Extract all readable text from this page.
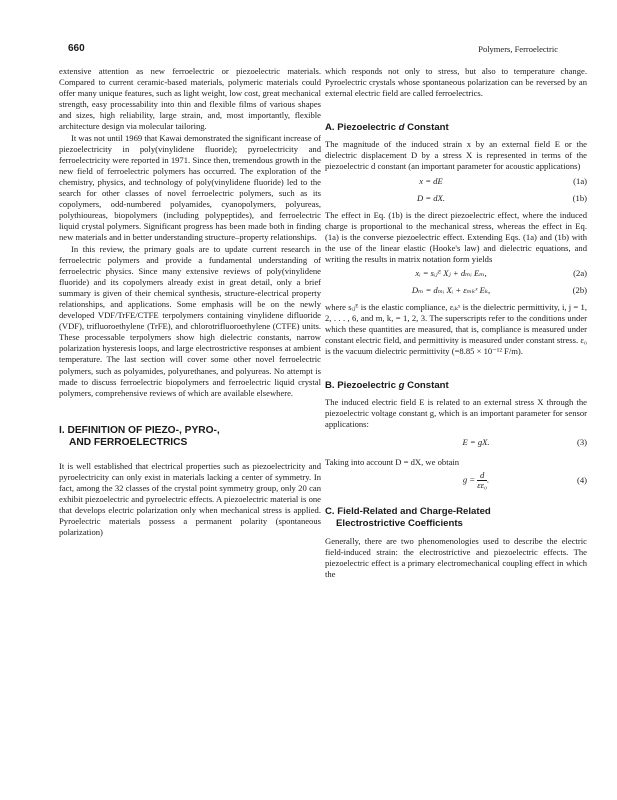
660	Polymers, Ferroelectric

extensive attention as new ferroelectric or piezoelectric materials. Compared to current ceramic-based materials, polymeric materials could offer many unique features, such as light weight, low cost, great mechanical strength, easy processability into thin and flexible films of various shapes and sizes, high reliability, large strain, and, most importantly, flexible architecture design via molecular tailoring.

It was not until 1969 that Kawai demonstrated the significant increase of piezoelectricity in poly(vinylidene fluoride); pyroelectricity and ferroelectricity were reported in 1971. Since then, tremendous growth in the new field of ferroelectric polymers has occurred. The exploration of the chemistry, physics, and technology of poly(vinylidene fluoride) led to the search for other classes of novel ferroelectric polymers, such as its copolymers, odd-numbered polyamides, cyanopolymers, polyureas, polythioureas, biopolymers (including polypeptides), and ferroelectric liquid crystal polymers. Significant progress has been made both in finding new materials and in better understanding structure–property relationships.

In this review, the primary goals are to update current research in ferroelectric polymers and provide a fundamental understanding of ferroelectric physics. Since many extensive reviews of poly(vinylidene fluoride) and its copolymers already exist in great detail, only a brief summary is given of their chemical synthesis, structure-electrical property relationships, and applications. Some emphasis will be on the newly developed VDF/TrFE/CTFE terpolymers containing vinylidene difluoride (VDF), trifluoroethylene (TrFE), and chlorotrifluoroethylene (CTFE) units. These processable terpolymers show high dielectric constants, narrow polarization hysteresis loops, and large electrostrictive responses at ambient temperature. The last section will cover some other novel ferroelectric polymers, such as polyamides, polyurethanes, and polyureas. No attempt is made to discuss ferroelectric biopolymers and ferroelectric liquid crystal polymers, comprehensive reviews of which are available elsewhere.

I. DEFINITION OF PIEZO-, PYRO-,
AND FERROELECTRICS

It is well established that electrical properties such as piezoelectricity and pyroelectricity can only exist in materials lacking a center of symmetry. In fact, among the 32 classes of the crystal point symmetry group, only 20 can exhibit piezoelectric and pyroelectric effects. A piezoelectric material is one that develops electric polarization only when mechanical stress is applied. Pyroelectric materials possess a permanent polarity (spontaneous polarization)

which responds not only to stress, but also to temperature change. Pyroelectric crystals whose spontaneous polarization can be reversed by an external electric field are called ferroelectrics.

A. Piezoelectric d Constant

The magnitude of the induced strain x by an external field E or the dielectric displacement D by a stress X is represented in terms of the piezoelectric d constant (an important parameter for acoustic applications)

x = dE	(1a)
D = dX.	(1b)

The effect in Eq. (1b) is the direct piezoelectric effect, where the induced charge is proportional to the mechanical stress, whereas the effect in Eq. (1a) is the converse piezoelectric effect. Extending Eqs. (1a) and (1b) with the use of the linear elastic (Hooke's law) and dielectric equations, and writing the results in matrix notation form yields

xᵢ = sᵢⱼᴱ Xⱼ + dₘᵢ Eₘ,	(2a)
Dₘ = dₘᵢ Xᵢ + εₘₖˣ Eₖ,	(2b)

where sᵢⱼᴱ is the elastic compliance, εᵢₖˣ is the dielectric permittivity, i, j = 1, 2, . . . , 6, and m, k, = 1, 2, 3. The superscripts refer to the conditions under which these quantities are measured, that is, compliance is measured under constant electric field, and permittivity is measured under constant stress. ε₀ is the vacuum dielectric permittivity (=8.85 × 10⁻¹² F/m).

B. Piezoelectric g Constant

The induced electric field E is related to an external stress X through the piezoelectric voltage constant g, which is an important parameter for sensor applications:

E = gX.	(3)

Taking into account D = dX, we obtain

$g = \frac{d}{\text{εε₀}}$ .	(4)
C. Field-Related and Charge-Related
Electrostrictive Coefficients

Generally, there are two phenomenologies used to describe the electric field-induced strain: the electrostrictive and piezoelectric effects. The piezoelectric effect is a primary electromechanical coupling effect in which the
